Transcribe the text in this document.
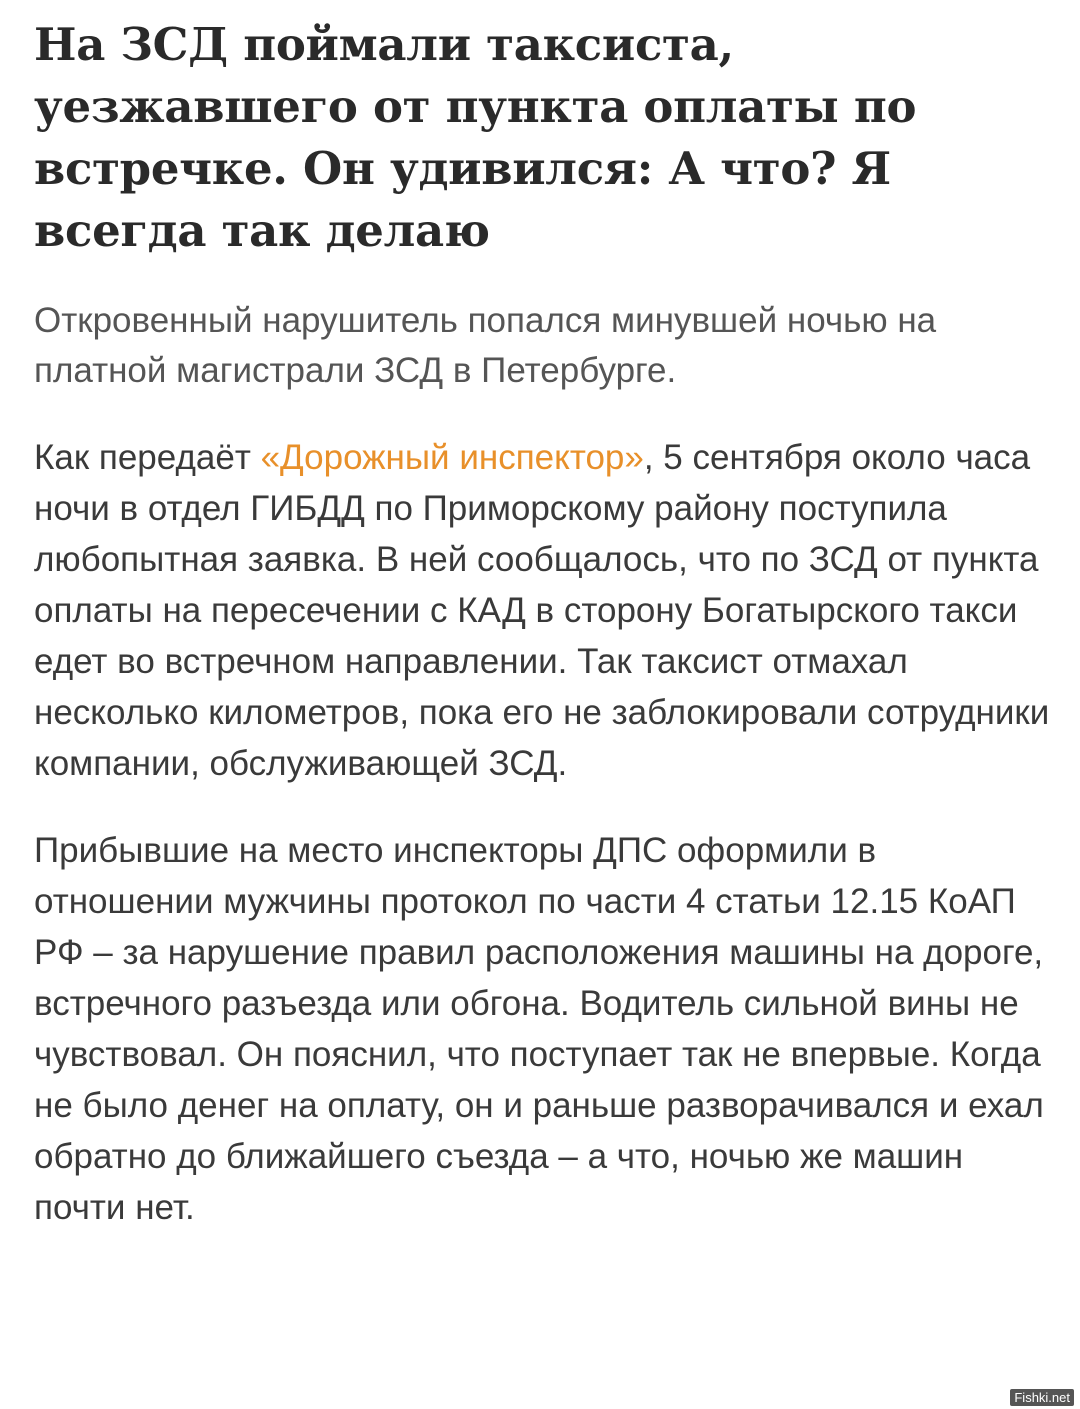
На ЗСД поймали таксиста, уезжавшего от пункта оплаты по встречке. Он удивился: А что? Я всегда так делаю

Откровенный нарушитель попался минувшей ночью на платной магистрали ЗСД в Петербурге.

Как передаёт «Дорожный инспектор», 5 сентября около часа ночи в отдел ГИБДД по Приморскому району поступила любопытная заявка. В ней сообщалось, что по ЗСД от пункта оплаты на пересечении с КАД в сторону Богатырского такси едет во встречном направлении. Так таксист отмахал несколько километров, пока его не заблокировали сотрудники компании, обслуживающей ЗСД.

Прибывшие на место инспекторы ДПС оформили в отношении мужчины протокол по части 4 статьи 12.15 КоАП РФ – за нарушение правил расположения машины на дороге, встречного разъезда или обгона. Водитель сильной вины не чувствовал. Он пояснил, что поступает так не впервые. Когда не было денег на оплату, он и раньше разворачивался и ехал обратно до ближайшего съезда – а что, ночью же машин почти нет.

Fishki.net
